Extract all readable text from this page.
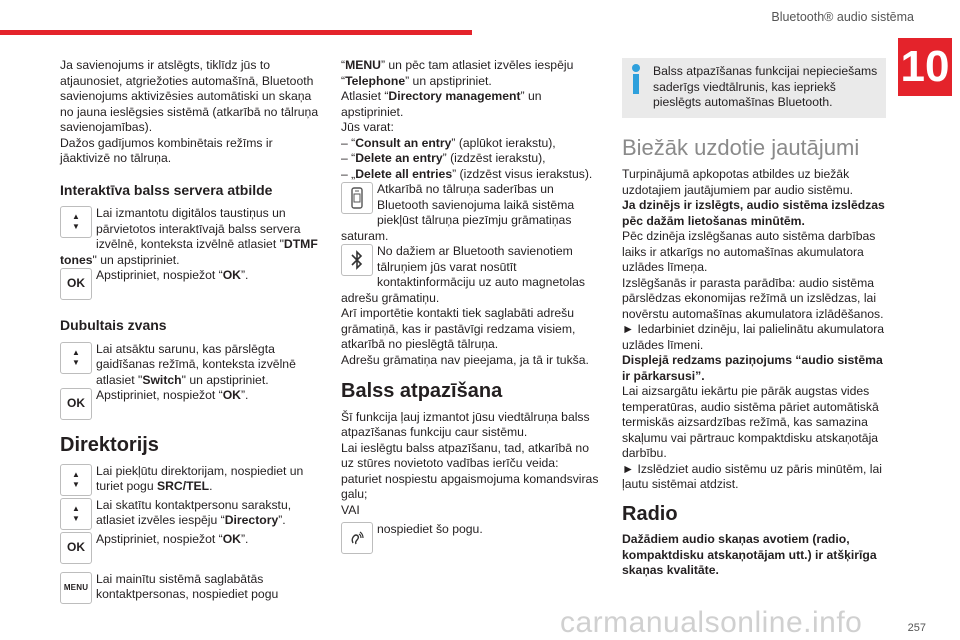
Bluetooth® audio sistēma
10

Ja savienojums ir atslēgts, tiklīdz jūs to atjaunosiet, atgriežoties automašīnā, Bluetooth savienojums aktivizēsies automātiski un skaņa no jauna ieslēgsies sistēmā (atkarībā no tālruņa savienojamības).

Dažos gadījumos kombinētais režīms ir jāaktivizē no tālruņa.

Interaktīva balss servera atbilde
▲
▼
Lai izmantotu digitālos taustiņus un pārvietotos interaktīvajā balss servera izvēlnē, konteksta izvēlnē atlasiet "DTMF tones" un apstipriniet.
OK
Apstipriniet, nospiežot “OK”.
Dubultais zvans
▲
▼
Lai atsāktu sarunu, kas pārslēgta gaidīšanas režīmā, konteksta izvēlnē atlasiet "Switch" un apstipriniet.
OK
Apstipriniet, nospiežot “OK”.
Direktorijs
▲
▼
Lai piekļūtu direktorijam, nospiediet un turiet pogu SRC/TEL.
▲
▼
Lai skatītu kontaktpersonu sarakstu, atlasiet izvēles iespēju “Directory”.
OK
Apstipriniet, nospiežot “OK”.
MENU
Lai mainītu sistēmā saglabātās kontaktpersonas, nospiediet pogu

“MENU” un pēc tam atlasiet izvēles iespēju “Telephone” un apstipriniet.

Atlasiet “Directory management” un apstipriniet.

Jūs varat:

– “Consult an entry” (aplūkot ierakstu),

– “Delete an entry” (izdzēst ierakstu),

– „Delete all entries” (izdzēst visus ierakstus).

Atkarībā no tālruņa saderības un Bluetooth savienojuma laikā sistēma piekļūst tālruņa piezīmju grāmatiņas saturam.
No dažiem ar Bluetooth savienotiem tālruņiem jūs varat nosūtīt kontaktinformāciju uz auto magnetolas adrešu grāmatiņu.

Arī importētie kontakti tiek saglabāti adrešu grāmatiņā, kas ir pastāvīgi redzama visiem, atkarībā no pieslēgtā tālruņa.

Adrešu grāmatiņa nav pieejama, ja tā ir tukša.

Balss atpazīšana

Šī funkcija ļauj izmantot jūsu viedtālruņa balss atpazīšanas funkciju caur sistēmu.

Lai ieslēgtu balss atpazīšanu, tad, atkarībā no uz stūres novietoto vadības ierīču veida:

paturiet nospiestu apgaismojuma komandsviras galu;

VAI

nospiediet šo pogu.
Balss atpazīšanas funkcijai nepieciešams saderīgs viedtālrunis, kas iepriekš pieslēgts automašīnas Bluetooth.
Biežāk uzdotie jautājumi

Turpinājumā apkopotas atbildes uz biežāk uzdotajiem jautājumiem par audio sistēmu.

Ja dzinējs ir izslēgts, audio sistēma izslēdzas pēc dažām lietošanas minūtēm.

Pēc dzinēja izslēgšanas auto sistēma darbības laiks ir atkarīgs no automašīnas akumulatora uzlādes līmeņa.

Izslēgšanās ir parasta parādība: audio sistēma pārslēdzas ekonomijas režīmā un izslēdzas, lai novērstu automašīnas akumulatora izlādēšanos.

► Iedarbiniet dzinēju, lai palielinātu akumulatora uzlādes līmeni.

Displejā redzams paziņojums “audio sistēma ir pārkarsusi”.

Lai aizsargātu iekārtu pie pārāk augstas vides temperatūras, audio sistēma pāriet automātiskā termiskās aizsardzības režīmā, kas samazina skaļumu vai pārtrauc kompaktdisku atskaņotāja darbību.

► Izslēdziet audio sistēmu uz pāris minūtēm, lai ļautu sistēmai atdzist.

Radio

Dažādiem audio skaņas avotiem (radio, kompaktdisku atskaņotājam utt.) ir atšķirīga skaņas kvalitāte.

carmanualsonline.info	257
